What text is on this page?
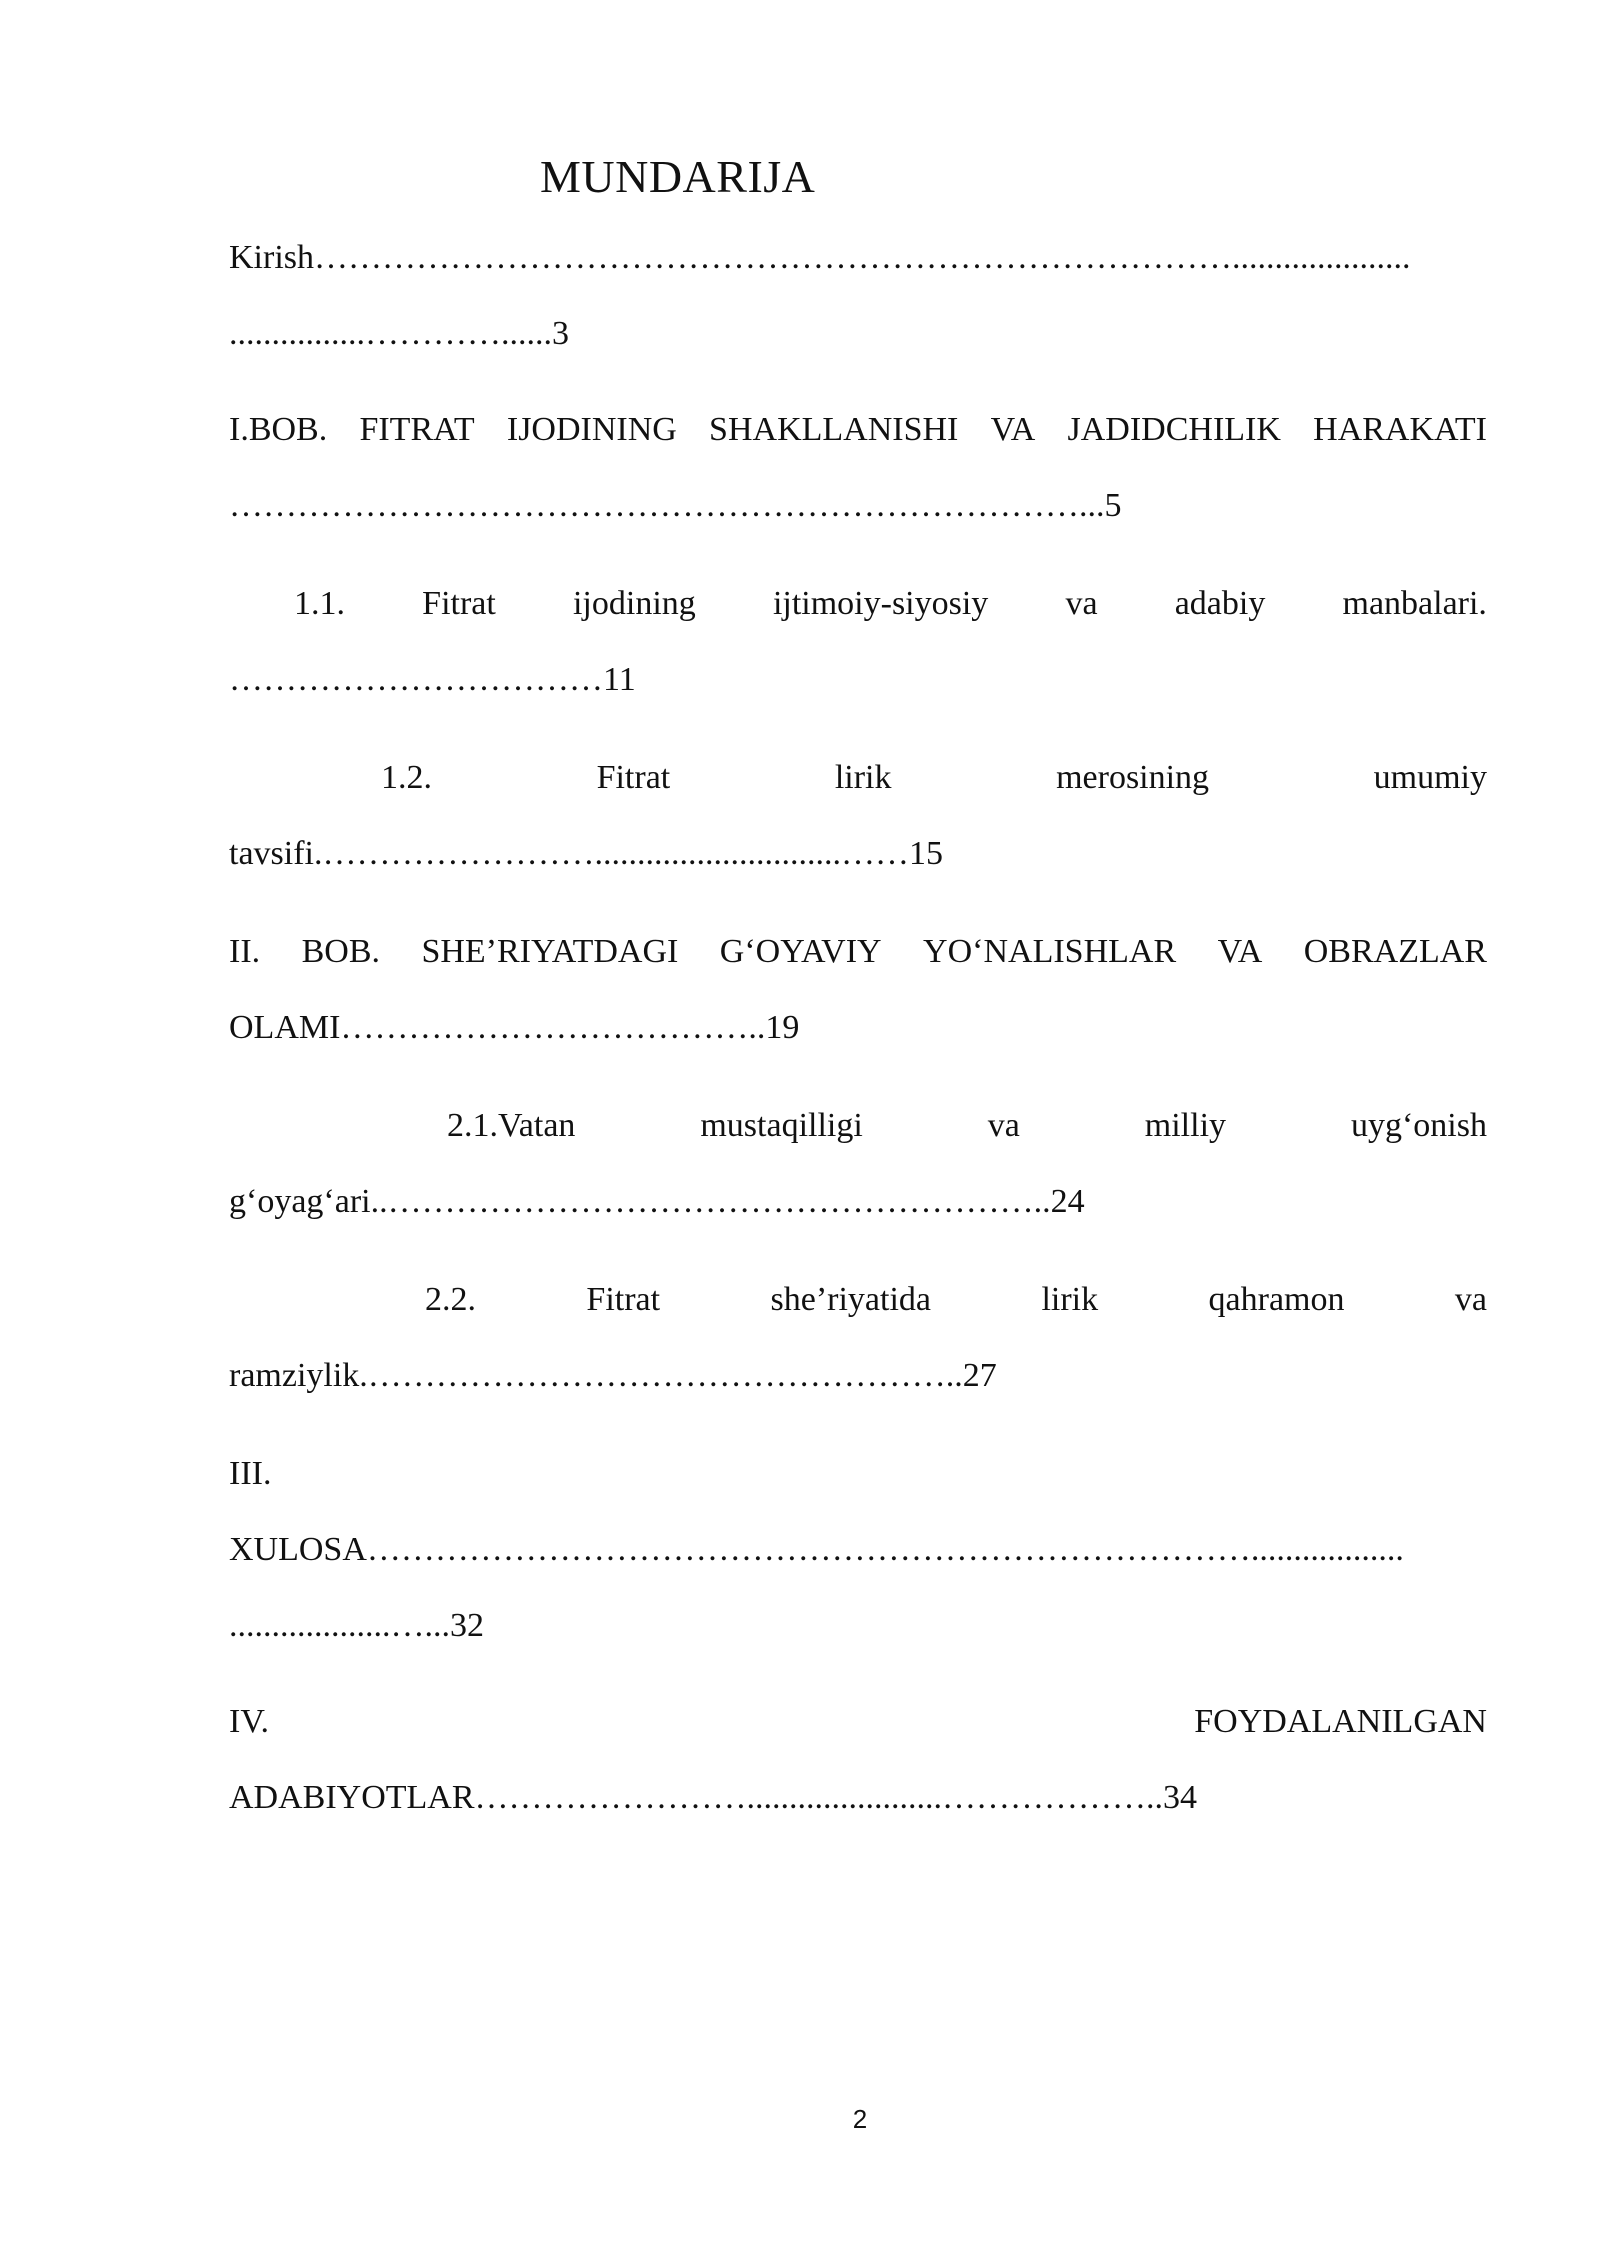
MUNDARIJA
Kirish……………………………………………………………………….....................
................…………......3
I.BOB. FITRAT IJODINING SHAKLLANISHI VA JADIDCHILIK HARAKATI
…………………………………………………………………...5
1.1. Fitrat ijodining ijtimoiy-siyosiy va adabiy manbalari.
……………………………11
1.2.	Fitrat	lirik	merosining	umumiy
tavsifi.…………………….............................……15
II. BOB. SHE’RIYATDAGI G‘OYAVIY YO‘NALISHLAR VA OBRAZLAR
OLAMI………………………………..19
2.1.Vatan	mustaqilligi	va	milliy	uyg‘onish
g‘oyag‘ari..…………………………………………………..24
2.2.	Fitrat	she’riyatida	lirik	qahramon	va
ramziylik.……………………………………………..27
III.
XULOSA……………………………………………………………………..................
...................…...32
IV.	FOYDALANILGAN
ADABIYOTLAR…………………….......................………………..34
2
